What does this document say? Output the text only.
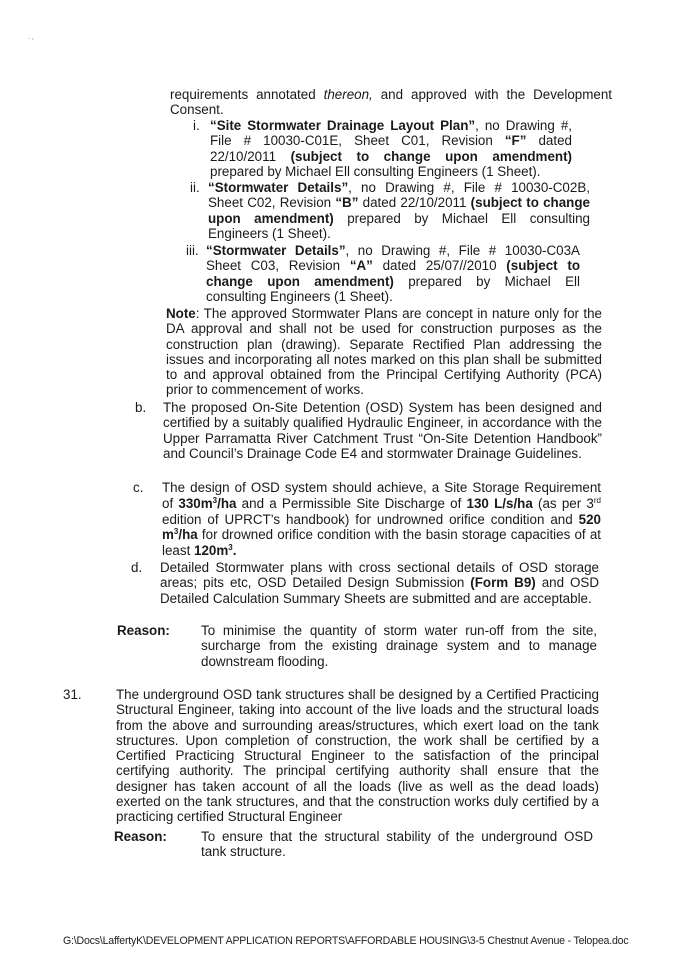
. ,
requirements annotated thereon, and approved with the Development Consent.
i. “Site Stormwater Drainage Layout Plan”, no Drawing #, File # 10030-C01E, Sheet C01, Revision “F” dated 22/10/2011 (subject to change upon amendment) prepared by Michael Ell consulting Engineers (1 Sheet).
ii. “Stormwater Details”, no Drawing #, File # 10030-C02B, Sheet C02, Revision “B” dated 22/10/2011 (subject to change upon amendment) prepared by Michael Ell consulting Engineers (1 Sheet).
iii. “Stormwater Details”, no Drawing #, File # 10030-C03A Sheet C03, Revision “A” dated 25/07//2010 (subject to change upon amendment) prepared by Michael Ell consulting Engineers (1 Sheet).
Note: The approved Stormwater Plans are concept in nature only for the DA approval and shall not be used for construction purposes as the construction plan (drawing). Separate Rectified Plan addressing the issues and incorporating all notes marked on this plan shall be submitted to and approval obtained from the Principal Certifying Authority (PCA) prior to commencement of works.
b. The proposed On-Site Detention (OSD) System has been designed and certified by a suitably qualified Hydraulic Engineer, in accordance with the Upper Parramatta River Catchment Trust “On-Site Detention Handbook” and Council’s Drainage Code E4 and stormwater Drainage Guidelines.
c. The design of OSD system should achieve, a Site Storage Requirement of $330m^3/ha$ and a Permissible Site Discharge of 130 L/s/ha (as per 3rd edition of UPRCT’s handbook) for undrowned orifice condition and 520 $m^3/ha$ for drowned orifice condition with the basin storage capacities of at least $120m^3$.
d. Detailed Stormwater plans with cross sectional details of OSD storage areas; pits etc, OSD Detailed Design Submission (Form B9) and OSD Detailed Calculation Summary Sheets are submitted and are acceptable.
Reason: To minimise the quantity of storm water run-off from the site, surcharge from the existing drainage system and to manage downstream flooding.
31.	The underground OSD tank structures shall be designed by a Certified Practicing Structural Engineer, taking into account of the live loads and the structural loads from the above and surrounding areas/structures, which exert load on the tank structures. Upon completion of construction, the work shall be certified by a Certified Practicing Structural Engineer to the satisfaction of the principal certifying authority. The principal certifying authority shall ensure that the designer has taken account of all the loads (live as well as the dead loads) exerted on the tank structures, and that the construction works duly certified by a practicing certified Structural Engineer
Reason:	To ensure that the structural stability of the underground OSD tank structure.
G:\Docs\LaffertyK\DEVELOPMENT APPLICATION REPORTS\AFFORDABLE HOUSING\3-5 Chestnut Avenue - Telopea.doc
